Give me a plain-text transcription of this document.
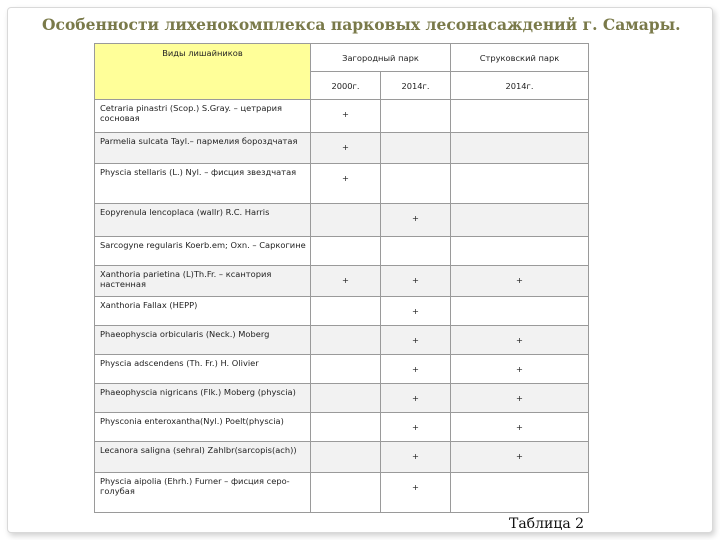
Особенности лихенокомплекса парковых лесонасаждений г. Самары.
Виды лишайников	Загородный парк		Струковский парк
	2000г.	2014г.	2014г.
Cetraria pinastri (Scop.) S.Gray. – цетрария сосновая	+		
Parmelia sulcata Tayl.– пармелия бороздчатая	+		
Physcia stellaris (L.) Nyl. – фисция звездчатая	+		
Eopyrenula lencoplaca (wallr) R.C. Harris		+	
Sarcogyne regularis Koerb.em; Oxn. – Саркогине			
Xanthoria parietina (L)Th.Fr. – ксантория настенная	+	+	+
Xanthoria Fallax (HEPP)		+	
Phaeophyscia orbicularis (Neck.) Moberg		+	+
Physcia adscendens (Th. Fr.) H. Olivier		+	+
Phaeophyscia nigricans (Flk.) Moberg (physcia)		+	+
Physconia enteroxantha(Nyl.) Poelt(physcia)		+	+
Lecanora saligna (sehral) Zahlbr(sarcopis(ach))		+	+
Physcia aipolia (Ehrh.) Furner – фисция серо-голубая		+	
Таблица 2
